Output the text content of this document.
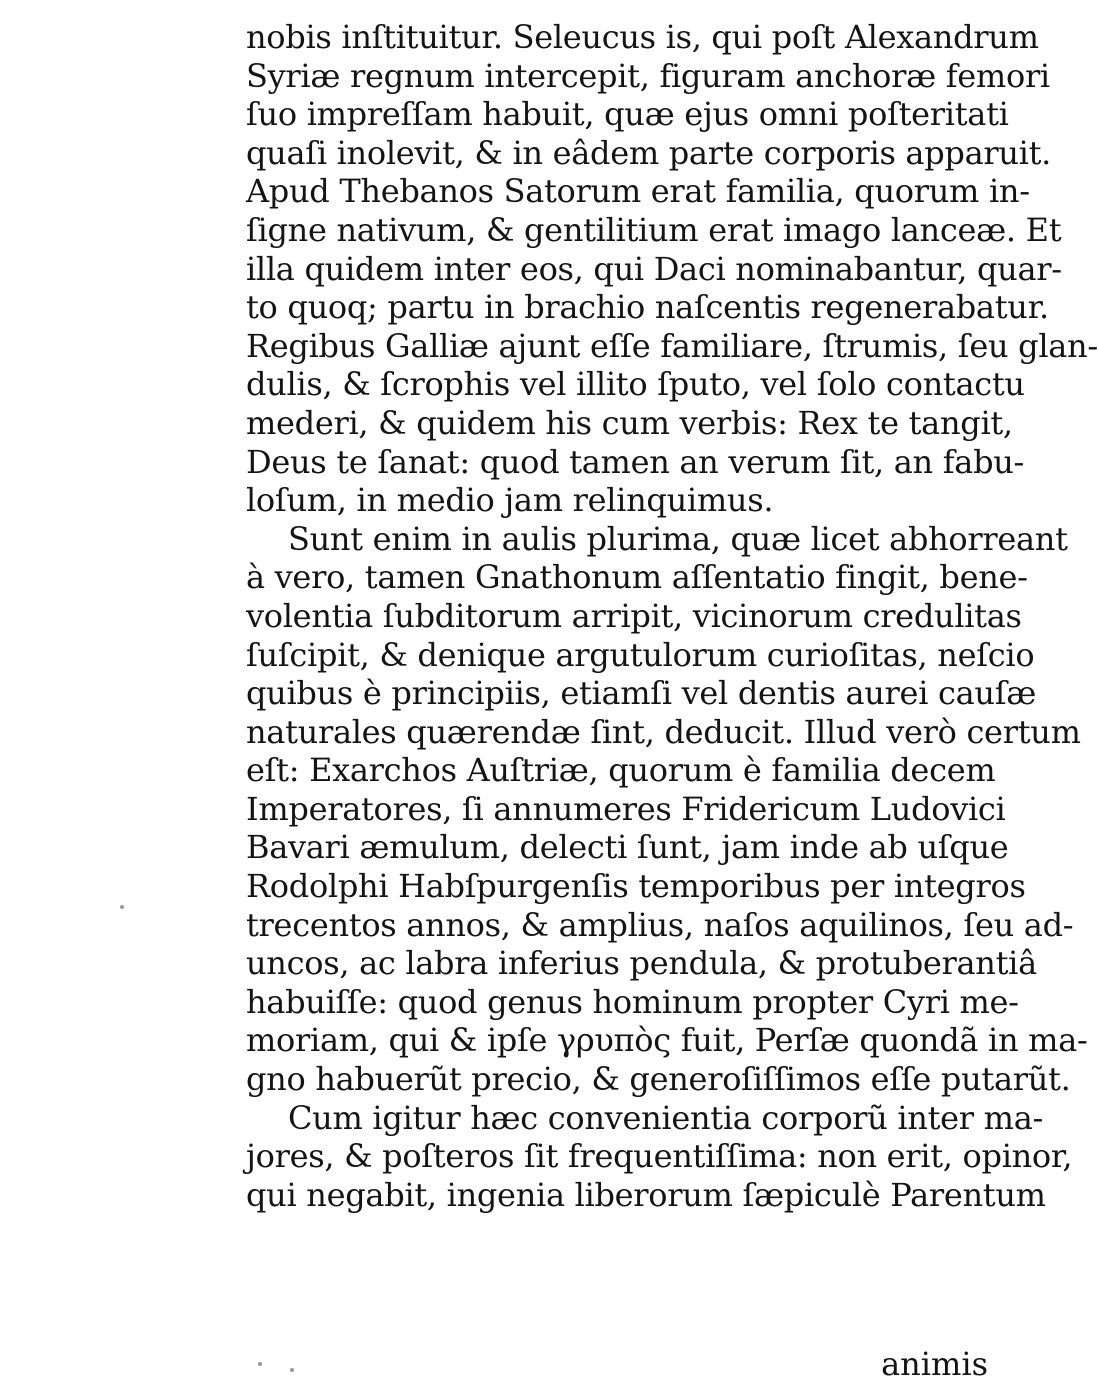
nobis inſtituitur. Seleucus is, qui poſt Alexandrum
Syriæ regnum intercepit, figuram anchoræ femori
ſuo impreſſam habuit, quæ ejus omni poſteritati
quaſi inolevit, & in eâdem parte corporis apparuit.
Apud Thebanos Satorum erat familia, quorum in-
ſigne nativum, & gentilitium erat imago lanceæ. Et
illa quidem inter eos, qui Daci nominabantur, quar-
to quoq; partu in brachio naſcentis regenerabatur.
Regibus Galliæ ajunt eſſe familiare, ſtrumis, ſeu glan-
dulis, & ſcrophis vel illito ſputo, vel ſolo contactu
mederi, & quidem his cum verbis: Rex te tangit,
Deus te ſanat: quod tamen an verum ſit, an fabu-
loſum, in medio jam relinquimus.
Sunt enim in aulis plurima, quæ licet abhorreant
à vero, tamen Gnathonum aſſentatio fingit, bene-
volentia ſubditorum arripit, vicinorum credulitas
ſuſcipit, & denique argutulorum curioſitas, neſcio
quibus è principiis, etiamſi vel dentis aurei cauſæ
naturales quærendæ ſint, deducit. Illud verò certum
eſt: Exarchos Auſtriæ, quorum è familia decem
Imperatores, ſi annumeres Fridericum Ludovici
Bavari æmulum, delecti ſunt, jam inde ab uſque
Rodolphi Habſpurgenſis temporibus per integros
trecentos annos, & amplius, naſos aquilinos, ſeu ad-
uncos, ac labra inferius pendula, & protuberantiâ
habuiſſe: quod genus hominum propter Cyri me-
moriam, qui & ipſe γρυπὸς fuit, Perſæ quondã in ma-
gno habuerũt precio, & generoſiſſimos eſſe putarũt.
Cum igitur hæc convenientia corporũ inter ma-
jores, & poſteros ſit frequentiſſima: non erit, opinor,
qui negabit, ingenia liberorum ſæpiculè Parentum
animis
